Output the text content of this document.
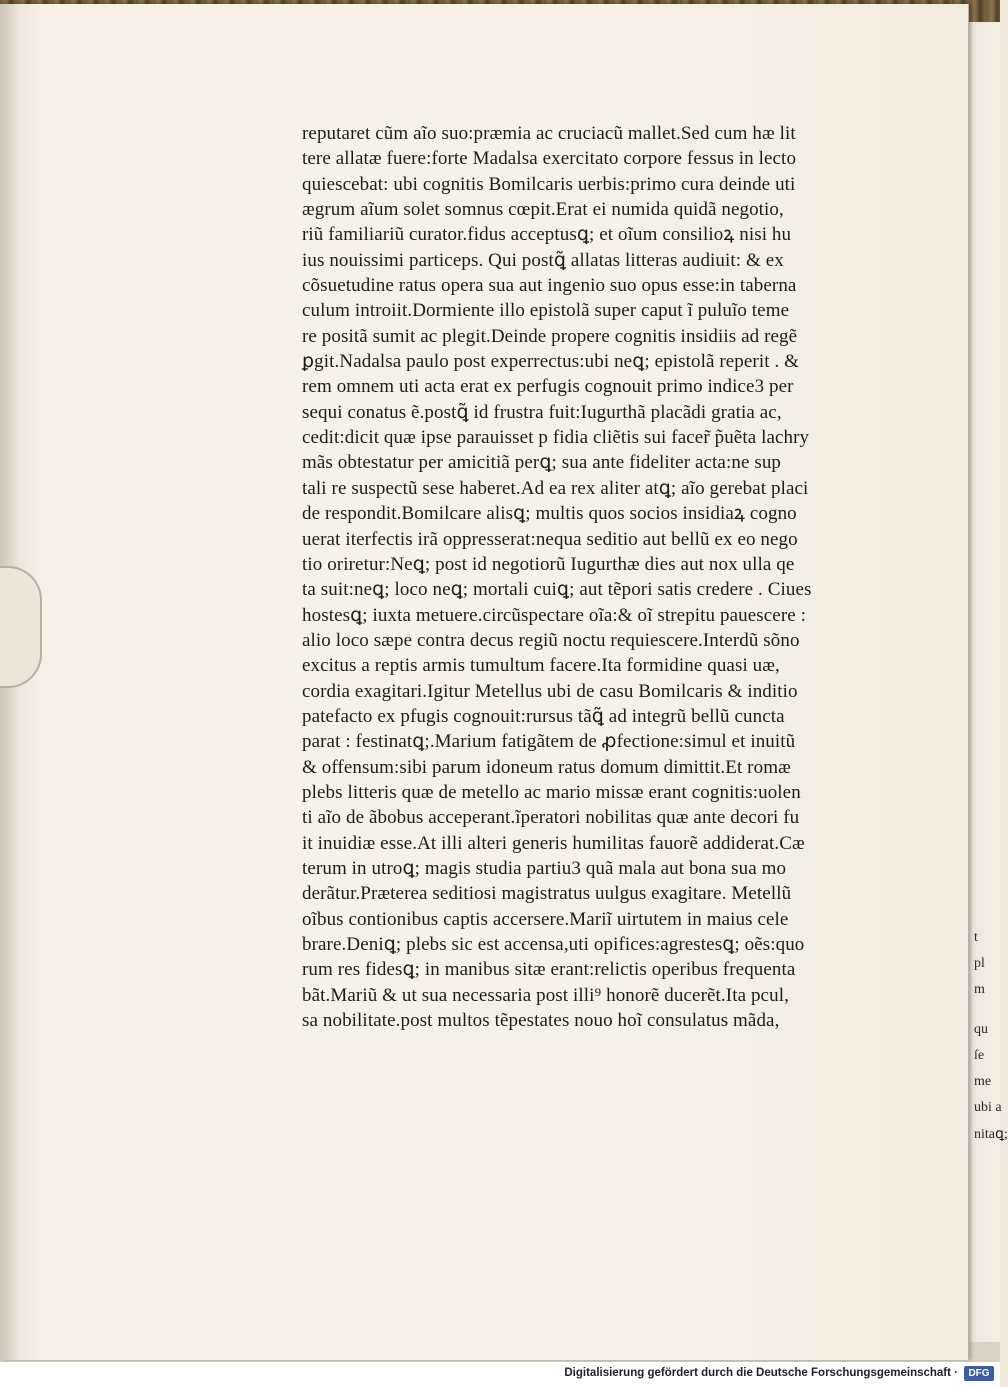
t
pl
m
qu
ſe
me
ubi a
nitaꝗ;
reputaret cũm aĩo suo:præmia ac cruciacũ mallet.Sed cum hæ lit
tere allatæ fuere:forte Madalsa exercitato corpore fessus in lecto
quiescebat: ubi cognitis Bomilcaris uerbis:primo cura deinde uti
ægrum aĩum solet somnus cœpit.Erat ei numida quidã negotio,
riũ familiariũ curator.fidus acceptusꝗ; et oĩum consilioꝝ nisi hu
ius nouissimi particeps. Qui postꝗ̃ allatas litteras audiuit: & ex
cõsuetudine ratus opera sua aut ingenio suo opus esse:in taberna
culum introiit.Dormiente illo epistolã super caput ĩ puluĩo teme
re positã sumit ac plegit.Deinde propere cognitis insidiis ad regẽ
ꝑgit.Nadalsa paulo post experrectus:ubi neꝗ; epistolã reperit . &
rem omnem uti acta erat ex perfugis cognouit primo indice3 per
sequi conatus ẽ.postꝗ̃ id frustra fuit:Iugurthã placãdi gratia ac,
cedit:dicit quæ ipse parauisset p fidia cliẽtis sui facer̃ p̃uẽta lachry
mãs obtestatur per amicitiã perꝗ; sua ante fideliter acta:ne sup
tali re suspectũ sese haberet.Ad ea rex aliter atꝗ; aĩo gerebat placi
de respondit.Bomilcare alisꝗ; multis quos socios insidiaꝝ cogno
uerat iterfectis irã oppresserat:nequa seditio aut bellũ ex eo nego
tio oriretur:Neꝗ; post id negotiorũ Iugurthæ dies aut nox ulla qe
ta suit:neꝗ; loco neꝗ; mortali cuiꝗ; aut tẽpori satis credere . Ciues
hostesꝗ; iuxta metuere.circũspectare oĩa:& oĩ strepitu pauescere :
alio loco sæpe contra decus regiũ noctu requiescere.Interdũ sõno
excitus a reptis armis tumultum facere.Ita formidine quasi uæ,
cordia exagitari.Igitur Metellus ubi de casu Bomilcaris & inditio
patefacto ex pfugis cognouit:rursus tãꝗ̃ ad integrũ bellũ cuncta
parat : festinatꝗ;.Marium fatigãtem de ꝓfectione:simul et inuitũ
& offensum:sibi parum idoneum ratus domum dimittit.Et romæ
plebs litteris quæ de metello ac mario missæ erant cognitis:uolen
ti aĩo de ãbobus acceperant.ĩperatori nobilitas quæ ante decori fu
it inuidiæ esse.At illi alteri generis humilitas fauorẽ addiderat.Cæ
terum in utroꝗ; magis studia partiu3 quã mala aut bona sua mo
derãtur.Præterea seditiosi magistratus uulgus exagitare. Metellũ
oĩbus contionibus captis accersere.Mariĩ uirtutem in maius cele
brare.Deniꝗ; plebs sic est accensa,uti opifices:agrestesꝗ; oẽs:quo
rum res fidesꝗ; in manibus sitæ erant:relictis operibus frequenta
bãt.Mariũ & ut sua necessaria post illi⁹ honorẽ ducerẽt.Ita pcul,
sa nobilitate.post multos tẽpestates nouo hoĩ consulatus mãda,
Digitalisierung gefördert durch die Deutsche Forschungsgemeinschaft ·	DFG
